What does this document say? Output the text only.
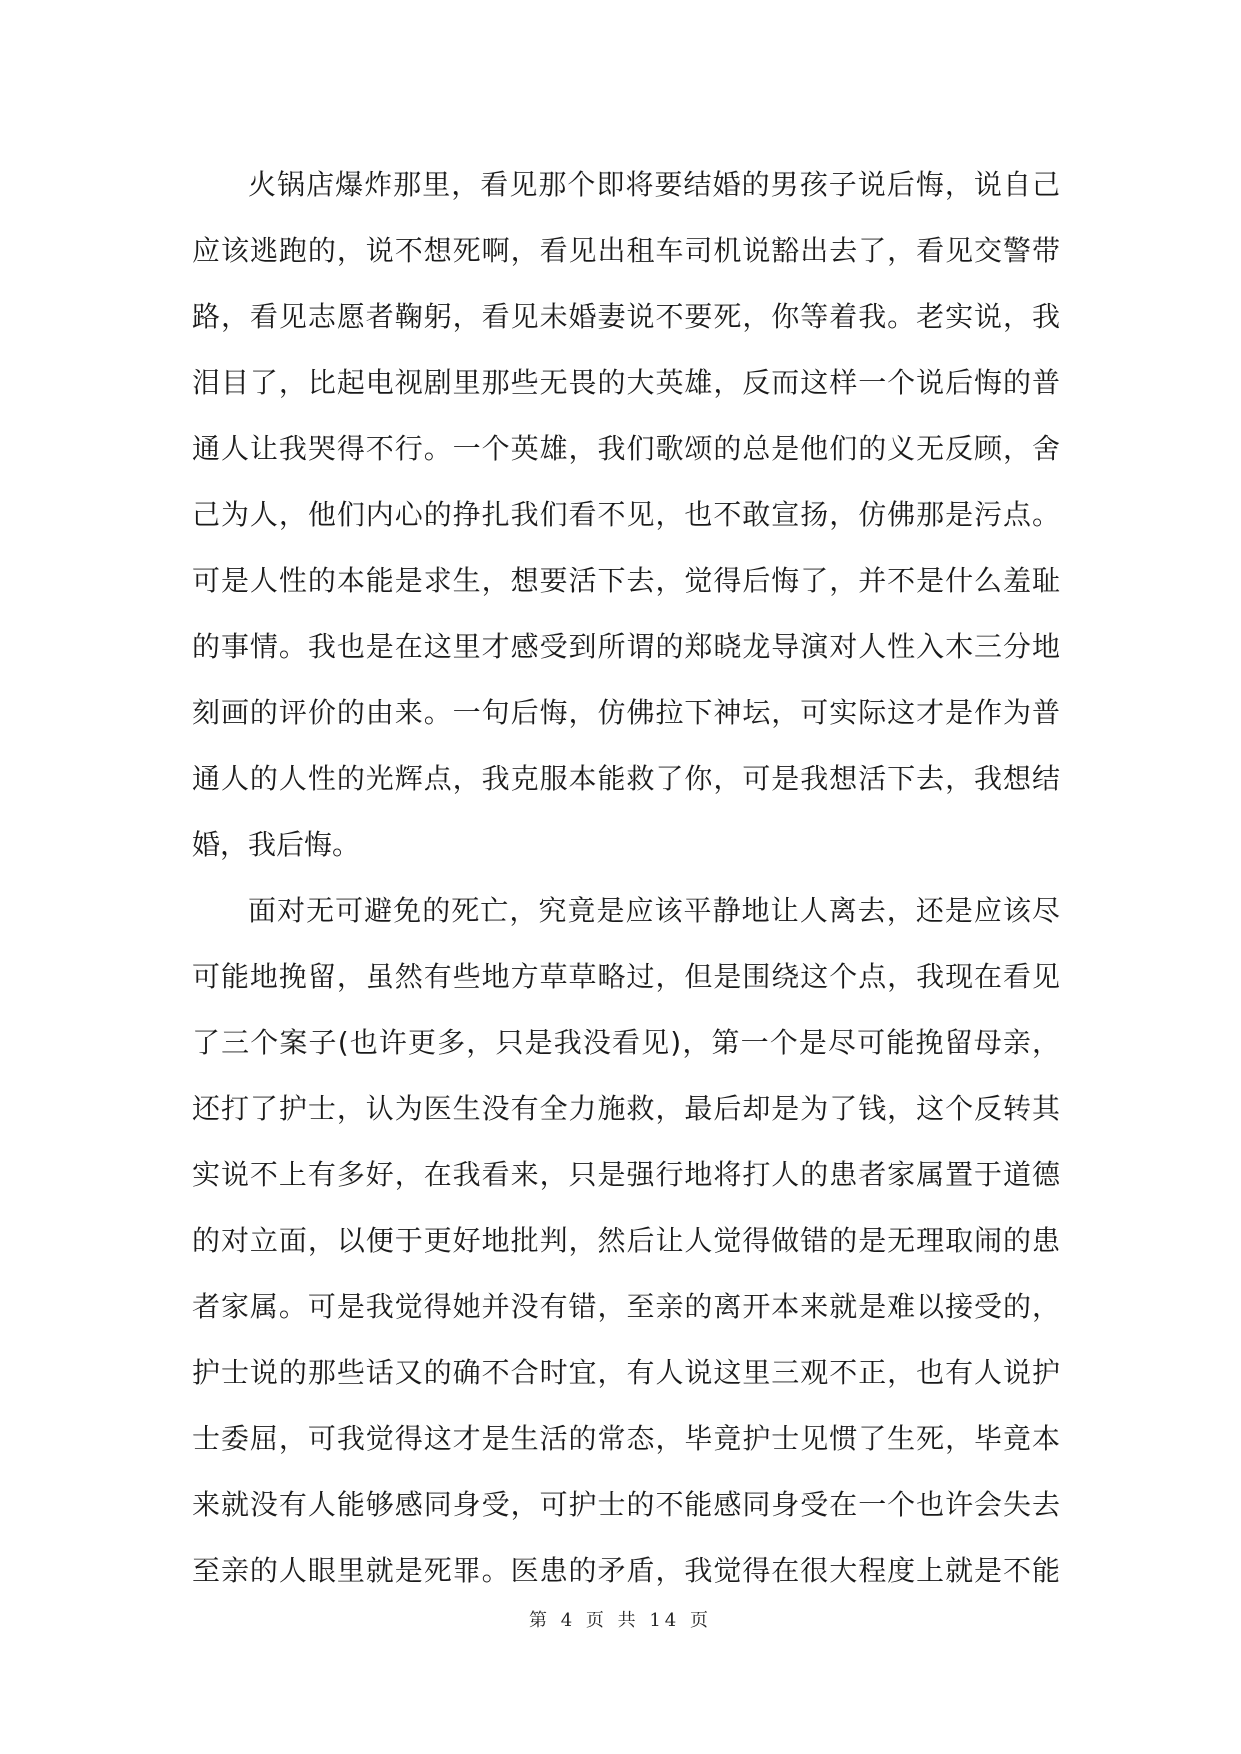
火锅店爆炸那里，看见那个即将要结婚的男孩子说后悔，说自己
应该逃跑的，说不想死啊，看见出租车司机说豁出去了，看见交警带
路，看见志愿者鞠躬，看见未婚妻说不要死，你等着我。老实说，我
泪目了，比起电视剧里那些无畏的大英雄，反而这样一个说后悔的普
通人让我哭得不行。一个英雄，我们歌颂的总是他们的义无反顾，舍
己为人，他们内心的挣扎我们看不见，也不敢宣扬，仿佛那是污点。
可是人性的本能是求生，想要活下去，觉得后悔了，并不是什么羞耻
的事情。我也是在这里才感受到所谓的郑晓龙导演对人性入木三分地
刻画的评价的由来。一句后悔，仿佛拉下神坛，可实际这才是作为普
通人的人性的光辉点，我克服本能救了你，可是我想活下去，我想结
婚，我后悔。
面对无可避免的死亡，究竟是应该平静地让人离去，还是应该尽
可能地挽留，虽然有些地方草草略过，但是围绕这个点，我现在看见
了三个案子(也许更多，只是我没看见)，第一个是尽可能挽留母亲，
还打了护士，认为医生没有全力施救，最后却是为了钱，这个反转其
实说不上有多好，在我看来，只是强行地将打人的患者家属置于道德
的对立面，以便于更好地批判，然后让人觉得做错的是无理取闹的患
者家属。可是我觉得她并没有错，至亲的离开本来就是难以接受的，
护士说的那些话又的确不合时宜，有人说这里三观不正，也有人说护
士委屈，可我觉得这才是生活的常态，毕竟护士见惯了生死，毕竟本
来就没有人能够感同身受，可护士的不能感同身受在一个也许会失去
至亲的人眼里就是死罪。医患的矛盾，我觉得在很大程度上就是不能
第 4 页 共 14 页
